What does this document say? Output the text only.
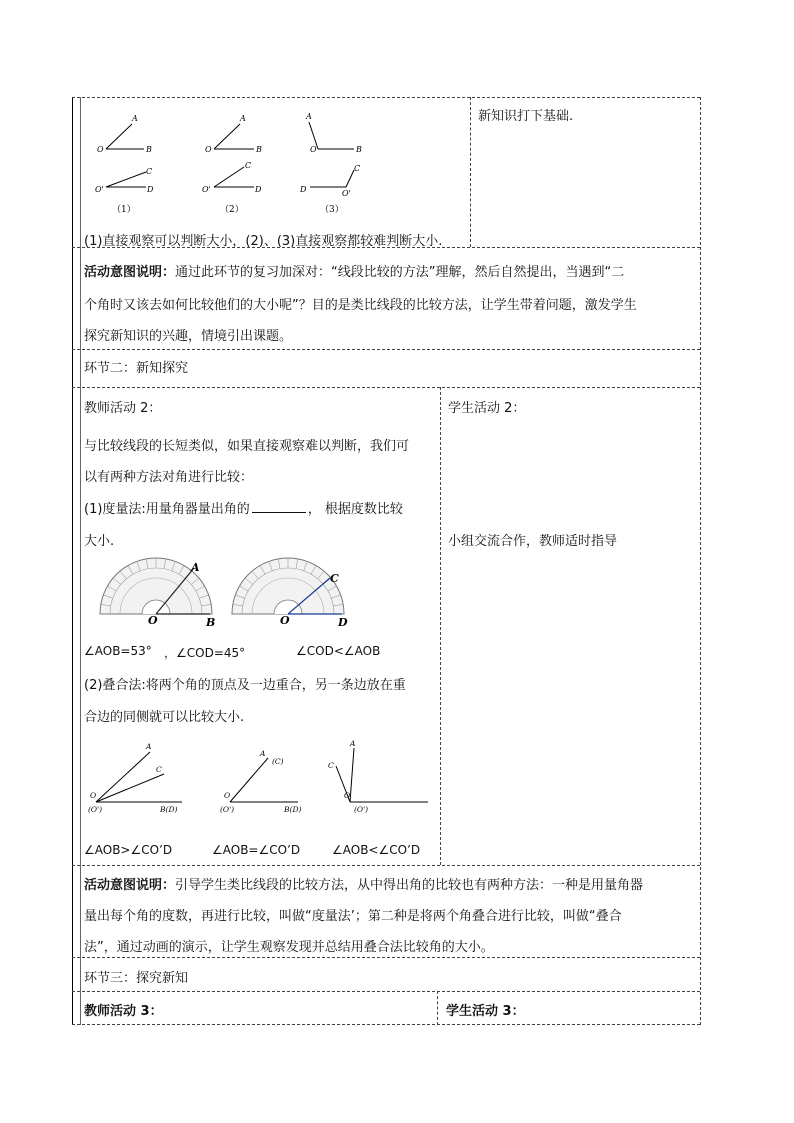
O
A
B
O'
C
D
O
A
B
O'
C
D
O
A
B
O'
C
D
（1）	（2）	（3）
(1)直接观察可以判断大小，(2)、(3)直接观察都较难判断大小.
新知识打下基础.
活动意图说明：通过此环节的复习加深对：“线段比较的方法”理解，然后自然提出，当遇到“二
个角时又该去如何比较他们的大小呢”？目的是类比线段的比较方法，让学生带着问题，激发学生
探究新知识的兴趣，情境引出课题。
环节二：新知探究
教师活动 2：
与比较线段的长短类似，如果直接观察难以判断，我们可
以有两种方法对角进行比较：
(1)度量法:用量角器量出角的	， 根据度数比较
大小.
O
A
B	O
C
D
∠AOB=53° ，∠COD=45°	∠COD<∠AOB
(2)叠合法:将两个角的顶点及一边重合，另一条边放在重
合边的同侧就可以比较大小.
A
C
O
(O')	B(D)
A
(C)
O
(O')	B(D)
A
C
O
(O')
∠AOB>∠CO’D	∠AOB=∠CO’D	∠AOB<∠CO’D
学生活动 2：
小组交流合作，教师适时指导
活动意图说明：引导学生类比线段的比较方法，从中得出角的比较也有两种方法：一种是用量角器
量出每个角的度数，再进行比较，叫做“度量法’；第二种是将两个角叠合进行比较，叫做“叠合
法”，通过动画的演示，让学生观察发现并总结用叠合法比较角的大小。
环节三：探究新知
教师活动 3：	学生活动 3：
